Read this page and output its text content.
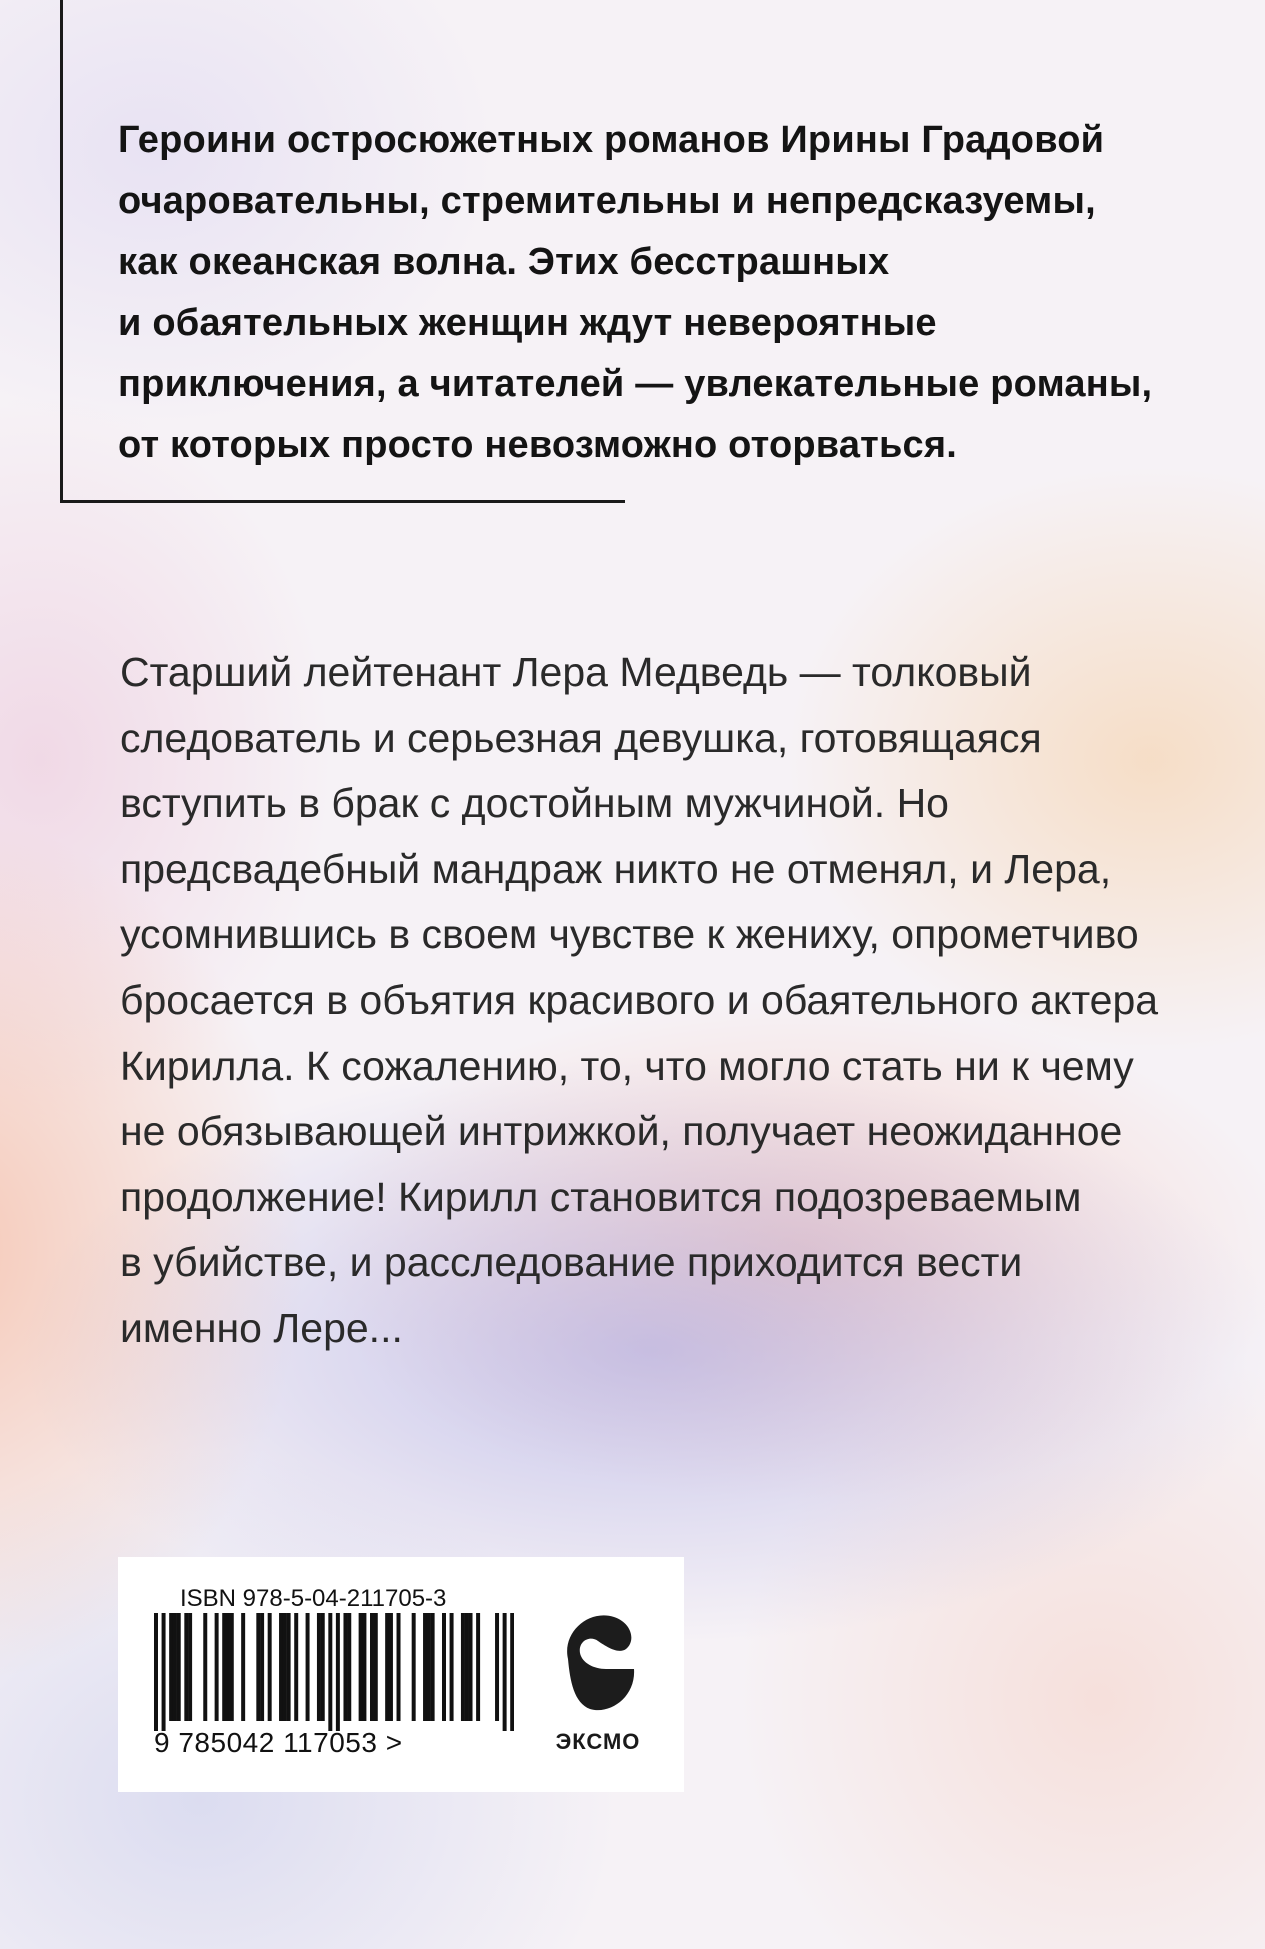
Героини остросюжетных романов Ирины Градовой
очаровательны, стремительны и непредсказуемы,
как океанская волна. Этих бесстрашных
и обаятельных женщин ждут невероятные
приключения, а читателей — увлекательные романы,
от которых просто невозможно оторваться.

Старший лейтенант Лера Медведь — толковый
следователь и серьезная девушка, готовящаяся
вступить в брак с достойным мужчиной. Но
предсвадебный мандраж никто не отменял, и Лера,
усомнившись в своем чувстве к жениху, опрометчиво
бросается в объятия красивого и обаятельного актера
Кирилла. К сожалению, то, что могло стать ни к чему
не обязывающей интрижкой, получает неожиданное
продолжение! Кирилл становится подозреваемым
в убийстве, и расследование приходится вести
именно Лере...

ISBN 978-5-04-211705-3
9 785042 117053 >	ЭКСМО
